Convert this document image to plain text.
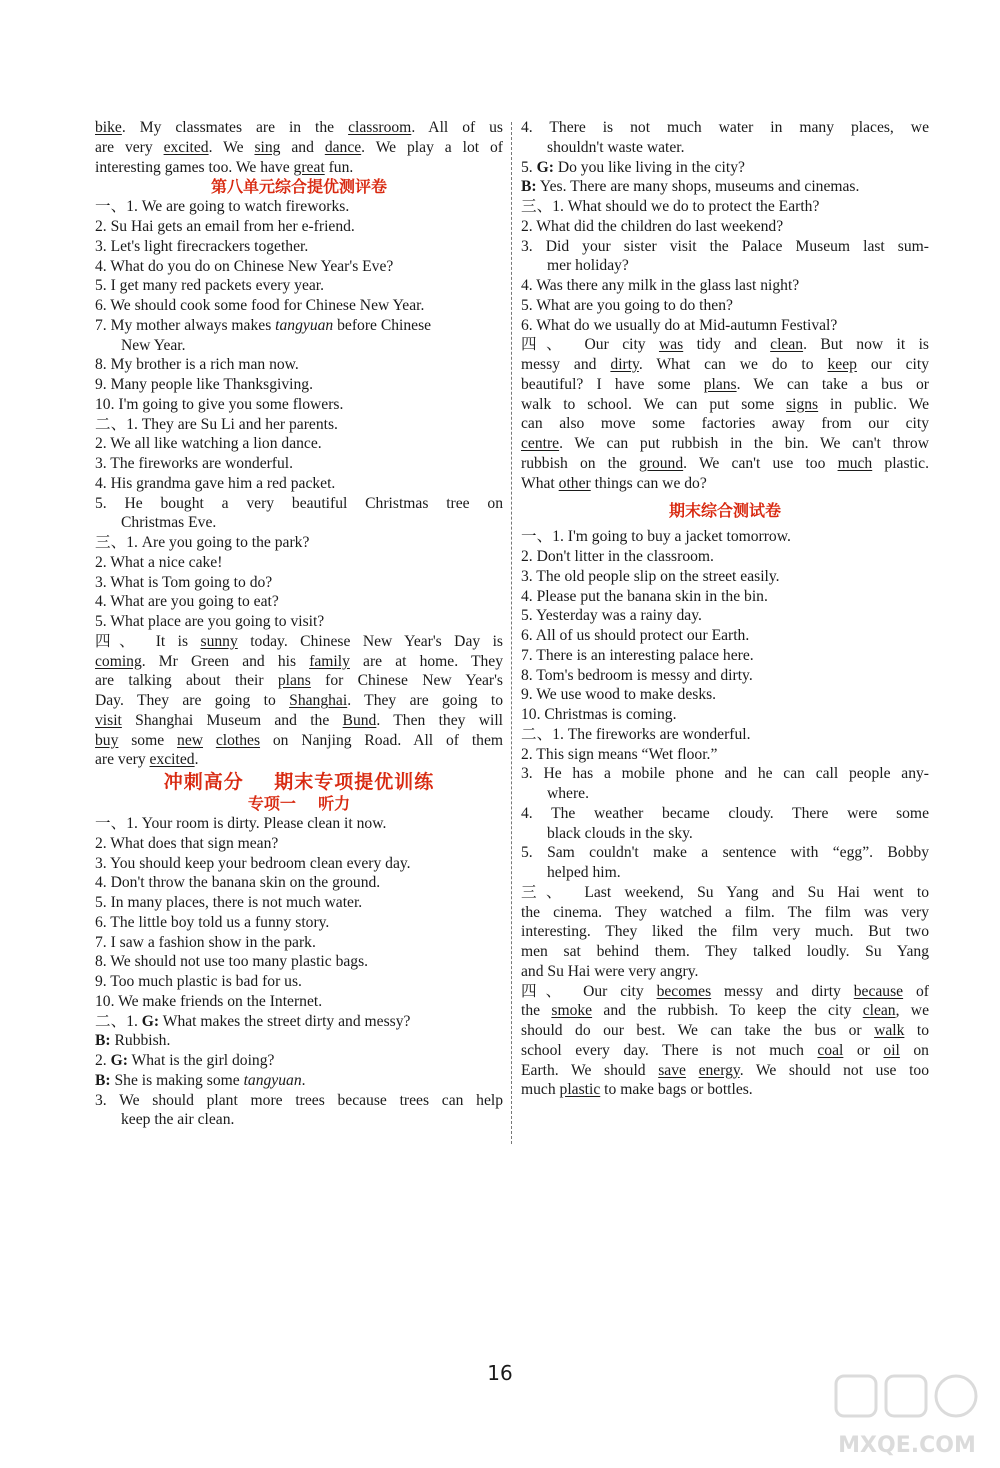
bike. My classmates are in the classroom. All of us
are very excited. We sing and dance. We play a lot of
interesting games too. We have great fun.
第八单元综合提优测评卷
一、1. We are going to watch fireworks.
2. Su Hai gets an email from her e-friend.
3. Let's light firecrackers together.
4. What do you do on Chinese New Year's Eve?
5. I get many red packets every year.
6. We should cook some food for Chinese New Year.
7. My mother always makes tangyuan before Chinese
New Year.
8. My brother is a rich man now.
9. Many people like Thanksgiving.
10. I'm going to give you some flowers.
二、1. They are Su Li and her parents.
2. We all like watching a lion dance.
3. The fireworks are wonderful.
4. His grandma gave him a red packet.
5. He bought a very beautiful Christmas tree on
Christmas Eve.
三、1. Are you going to the park?
2. What a nice cake!
3. What is Tom going to do?
4. What are you going to eat?
5. What place are you going to visit?
四、 It is sunny today. Chinese New Year's Day is
coming. Mr Green and his family are at home. They
are talking about their plans for Chinese New Year's
Day. They are going to Shanghai. They are going to
visit Shanghai Museum and the Bund. Then they will
buy some new clothes on Nanjing Road. All of them
are very excited.
冲刺高分    期末专项提优训练
专项一    听力
一、1. Your room is dirty. Please clean it now.
2. What does that sign mean?
3. You should keep your bedroom clean every day.
4. Don't throw the banana skin on the ground.
5. In many places, there is not much water.
6. The little boy told us a funny story.
7. I saw a fashion show in the park.
8. We should not use too many plastic bags.
9. Too much plastic is bad for us.
10. We make friends on the Internet.
二、1. G: What makes the street dirty and messy?
B: Rubbish.
2. G: What is the girl doing?
B: She is making some tangyuan.
3. We should plant more trees because trees can help
keep the air clean.
4. There is not much water in many places, we
shouldn't waste water.
5. G: Do you like living in the city?
B: Yes. There are many shops, museums and cinemas.
三、1. What should we do to protect the Earth?
2. What did the children do last weekend?
3. Did your sister visit the Palace Museum last sum-
mer holiday?
4. Was there any milk in the glass last night?
5. What are you going to do then?
6. What do we usually do at Mid-autumn Festival?
四、 Our city was tidy and clean. But now it is
messy and dirty. What can we do to keep our city
beautiful? I have some plans. We can take a bus or
walk to school. We can put some signs in public. We
can also move some factories away from our city
centre. We can put rubbish in the bin. We can't throw
rubbish on the ground. We can't use too much plastic.
What other things can we do?
期末综合测试卷
一、1. I'm going to buy a jacket tomorrow.
2. Don't litter in the classroom.
3. The old people slip on the street easily.
4. Please put the banana skin in the bin.
5. Yesterday was a rainy day.
6. All of us should protect our Earth.
7. There is an interesting palace here.
8. Tom's bedroom is messy and dirty.
9. We use wood to make desks.
10. Christmas is coming.
二、1. The fireworks are wonderful.
2. This sign means “Wet floor.”
3. He has a mobile phone and he can call people any-
where.
4. The weather became cloudy. There were some
black clouds in the sky.
5. Sam couldn't make a sentence with “egg”. Bobby
helped him.
三、 Last weekend, Su Yang and Su Hai went to
the cinema. They watched a film. The film was very
interesting. They liked the film very much. But two
men sat behind them. They talked loudly. Su Yang
and Su Hai were very angry.
四、 Our city becomes messy and dirty because of
the smoke and the rubbish. To keep the city clean, we
should do our best. We can take the bus or walk to
school every day. There is not much coal or oil on
Earth. We should save energy. We should not use too
much plastic to make bags or bottles.
16
MXQE.COM
